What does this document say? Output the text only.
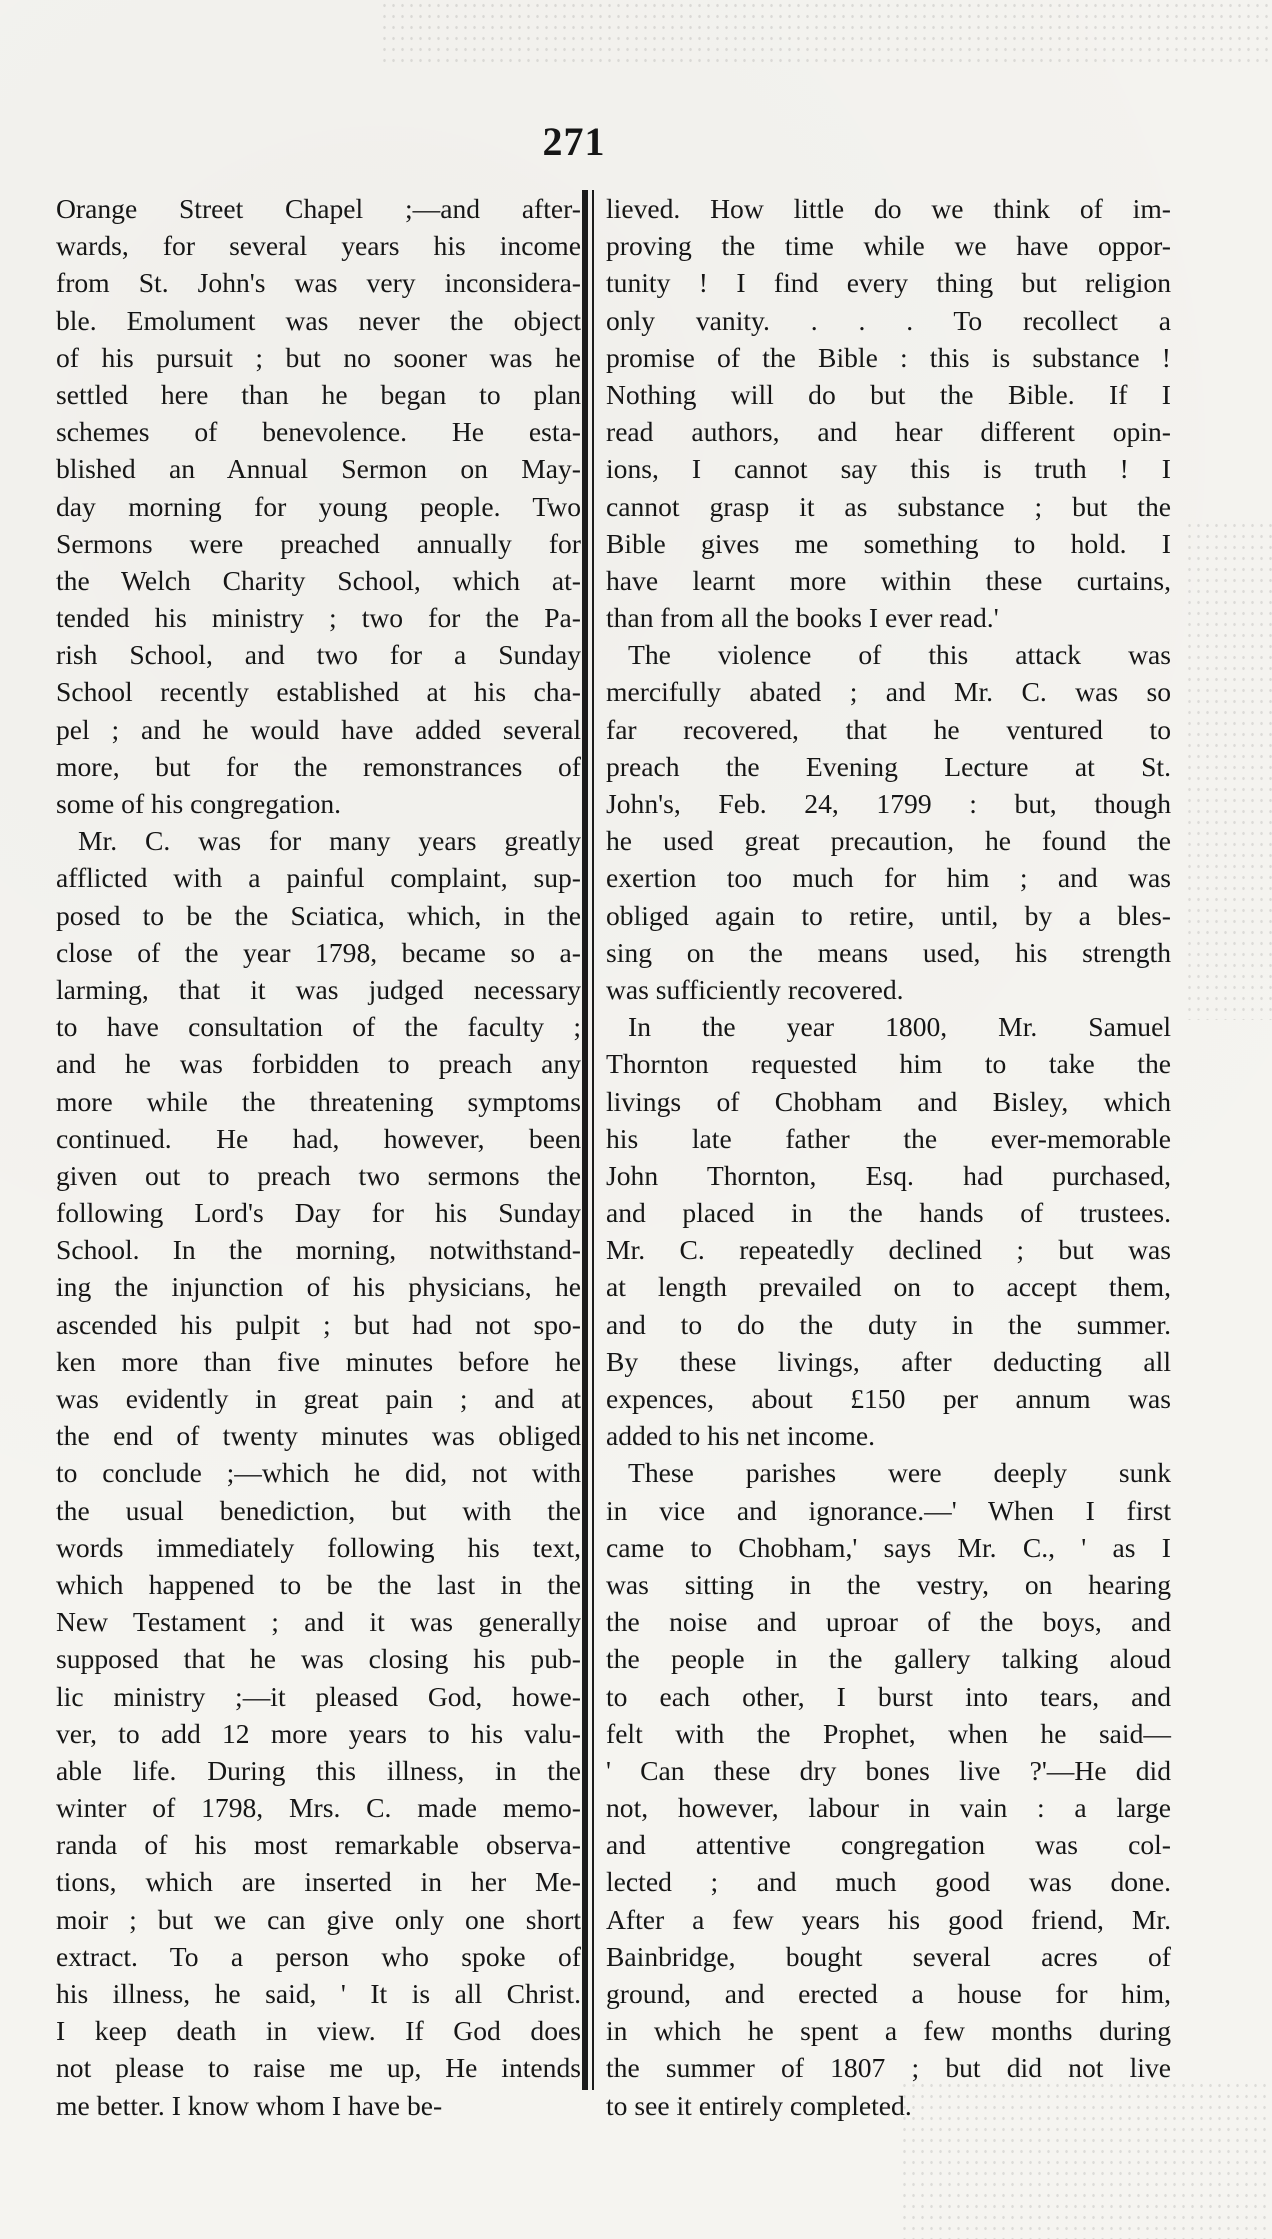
271
Orange Street Chapel ;—and after-
wards, for several years his income
from St. John's was very inconsidera-
ble. Emolument was never the object
of his pursuit ; but no sooner was he
settled here than he began to plan
schemes of benevolence. He esta-
blished an Annual Sermon on May-
day morning for young people. Two
Sermons were preached annually for
the Welch Charity School, which at-
tended his ministry ; two for the Pa-
rish School, and two for a Sunday
School recently established at his cha-
pel ; and he would have added several
more, but for the remonstrances of
some of his congregation.
Mr. C. was for many years greatly
afflicted with a painful complaint, sup-
posed to be the Sciatica, which, in the
close of the year 1798, became so a-
larming, that it was judged necessary
to have consultation of the faculty ;
and he was forbidden to preach any
more while the threatening symptoms
continued. He had, however, been
given out to preach two sermons the
following Lord's Day for his Sunday
School. In the morning, notwithstand-
ing the injunction of his physicians, he
ascended his pulpit ; but had not spo-
ken more than five minutes before he
was evidently in great pain ; and at
the end of twenty minutes was obliged
to conclude ;—which he did, not with
the usual benediction, but with the
words immediately following his text,
which happened to be the last in the
New Testament ; and it was generally
supposed that he was closing his pub-
lic ministry ;—it pleased God, howe-
ver, to add 12 more years to his valu-
able life. During this illness, in the
winter of 1798, Mrs. C. made memo-
randa of his most remarkable observa-
tions, which are inserted in her Me-
moir ; but we can give only one short
extract. To a person who spoke of
his illness, he said, ' It is all Christ.
I keep death in view. If God does
not please to raise me up, He intends
me better. I know whom I have be-
lieved. How little do we think of im-
proving the time while we have oppor-
tunity ! I find every thing but religion
only vanity. . . . To recollect a
promise of the Bible : this is substance !
Nothing will do but the Bible. If I
read authors, and hear different opin-
ions, I cannot say this is truth ! I
cannot grasp it as substance ; but the
Bible gives me something to hold. I
have learnt more within these curtains,
than from all the books I ever read.'
The violence of this attack was
mercifully abated ; and Mr. C. was so
far recovered, that he ventured to
preach the Evening Lecture at St.
John's, Feb. 24, 1799 : but, though
he used great precaution, he found the
exertion too much for him ; and was
obliged again to retire, until, by a bles-
sing on the means used, his strength
was sufficiently recovered.
In the year 1800, Mr. Samuel
Thornton requested him to take the
livings of Chobham and Bisley, which
his late father the ever-memorable
John Thornton, Esq. had purchased,
and placed in the hands of trustees.
Mr. C. repeatedly declined ; but was
at length prevailed on to accept them,
and to do the duty in the summer.
By these livings, after deducting all
expences, about £150 per annum was
added to his net income.
These parishes were deeply sunk
in vice and ignorance.—' When I first
came to Chobham,' says Mr. C., ' as I
was sitting in the vestry, on hearing
the noise and uproar of the boys, and
the people in the gallery talking aloud
to each other, I burst into tears, and
felt with the Prophet, when he said—
' Can these dry bones live ?'—He did
not, however, labour in vain : a large
and attentive congregation was col-
lected ; and much good was done.
After a few years his good friend, Mr.
Bainbridge, bought several acres of
ground, and erected a house for him,
in which he spent a few months during
the summer of 1807 ; but did not live
to see it entirely completed.
